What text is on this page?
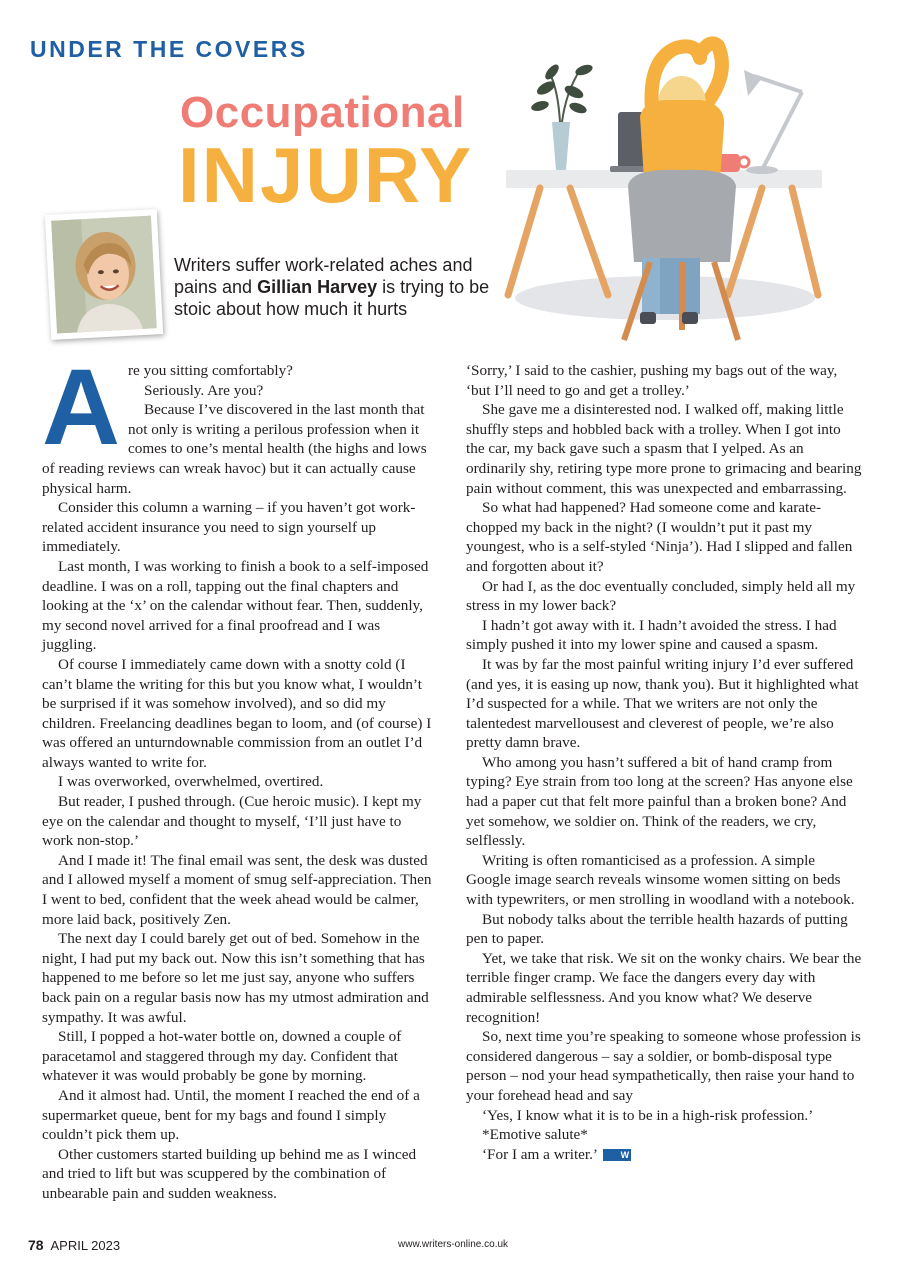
UNDER THE COVERS
Occupational
INJURY
Writers suffer work-related aches and pains and Gillian Harvey is trying to be stoic about how much it hurts
A re you sitting comfortably?

Seriously. Are you?

Because I’ve discovered in the last month that not only is writing a perilous profession when it comes to one’s mental health (the highs and lows of reading reviews can wreak havoc) but it can actually cause physical harm.

Consider this column a warning – if you haven’t got work-related accident insurance you need to sign yourself up immediately.

Last month, I was working to finish a book to a self-imposed deadline. I was on a roll, tapping out the final chapters and looking at the ‘x’ on the calendar without fear. Then, suddenly, my second novel arrived for a final proofread and I was juggling.

Of course I immediately came down with a snotty cold (I can’t blame the writing for this but you know what, I wouldn’t be surprised if it was somehow involved), and so did my children. Freelancing deadlines began to loom, and (of course) I was offered an unturndownable commission from an outlet I’d always wanted to write for.

I was overworked, overwhelmed, overtired.

But reader, I pushed through. (Cue heroic music). I kept my eye on the calendar and thought to myself, ‘I’ll just have to work non-stop.’

And I made it! The final email was sent, the desk was dusted and I allowed myself a moment of smug self-appreciation. Then I went to bed, confident that the week ahead would be calmer, more laid back, positively Zen.

The next day I could barely get out of bed. Somehow in the night, I had put my back out. Now this isn’t something that has happened to me before so let me just say, anyone who suffers back pain on a regular basis now has my utmost admiration and sympathy. It was awful.

Still, I popped a hot-water bottle on, downed a couple of paracetamol and staggered through my day. Confident that whatever it was would probably be gone by morning.

And it almost had. Until, the moment I reached the end of a supermarket queue, bent for my bags and found I simply couldn’t pick them up.

Other customers started building up behind me as I winced and tried to lift but was scuppered by the combination of unbearable pain and sudden weakness.

‘Sorry,’ I said to the cashier, pushing my bags out of the way, ‘but I’ll need to go and get a trolley.’

She gave me a disinterested nod. I walked off, making little shuffly steps and hobbled back with a trolley. When I got into the car, my back gave such a spasm that I yelped. As an ordinarily shy, retiring type more prone to grimacing and bearing pain without comment, this was unexpected and embarrassing.

So what had happened? Had someone come and karate-chopped my back in the night? (I wouldn’t put it past my youngest, who is a self-styled ‘Ninja’). Had I slipped and fallen and forgotten about it?

Or had I, as the doc eventually concluded, simply held all my stress in my lower back?

I hadn’t got away with it. I hadn’t avoided the stress. I had simply pushed it into my lower spine and caused a spasm.

It was by far the most painful writing injury I’d ever suffered (and yes, it is easing up now, thank you). But it highlighted what I’d suspected for a while. That we writers are not only the talentedest marvellousest and cleverest of people, we’re also pretty damn brave.

Who among you hasn’t suffered a bit of hand cramp from typing? Eye strain from too long at the screen? Has anyone else had a paper cut that felt more painful than a broken bone? And yet somehow, we soldier on. Think of the readers, we cry, selflessly.

Writing is often romanticised as a profession. A simple Google image search reveals winsome women sitting on beds with typewriters, or men strolling in woodland with a notebook.

But nobody talks about the terrible health hazards of putting pen to paper.

Yet, we take that risk. We sit on the wonky chairs. We bear the terrible finger cramp. We face the dangers every day with admirable selflessness. And you know what? We deserve recognition!

So, next time you’re speaking to someone whose profession is considered dangerous – say a soldier, or bomb-disposal type person – nod your head sympathetically, then raise your hand to your forehead head and say

‘Yes, I know what it is to be in a high-risk profession.’

*Emotive salute*

‘For I am a writer.’	W

78 APRIL 2023	www.writers-online.co.uk
